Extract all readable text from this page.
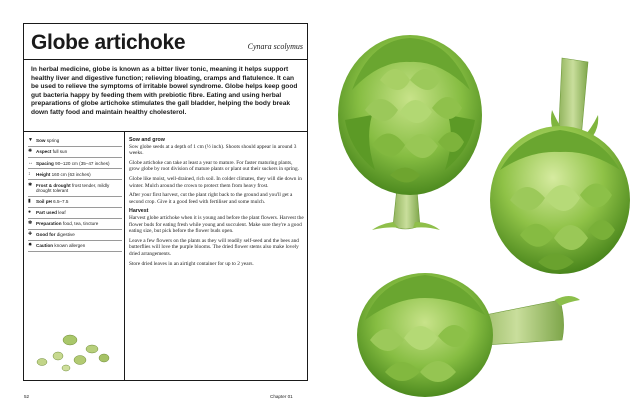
Globe artichoke	Cynara scolymus
In herbal medicine, globe is known as a bitter liver tonic, meaning it helps support healthy liver and digestive function; relieving bloating, cramps and flatulence. It can be used to relieve the symptoms of irritable bowel syndrome. Globe helps keep good gut bacteria happy by feeding them with prebiotic fibre. Eating and using herbal preparations of globe artichoke stimulates the gall bladder, helping the body break down fatty food and maintain healthy cholesterol.
▼ Sow spring
✺ Aspect full sun
↔ Spacing 90–120 cm (35–47 inches)
↕	Height 160 cm (63 inches)
✱ Frost & drought frost tender, mildly drought tolerant
▮	Soil pH 6.5–7.5
●	Part used leaf
✽ Preparation food, tea, tincture
✚ Good for digestive
✸ Caution known allergen
Sow and grow

Sow globe seeds at a depth of 1 cm (½ inch). Shoots should appear in around 3 weeks.

Globe artichoke can take at least a year to mature. For faster maturing plants, grow globe by root division of mature plants or plant out their suckers in spring.

Globe like moist, well-drained, rich soil. In colder climates, they will die down in winter. Mulch around the crown to protect them from heavy frost.

After your first harvest, cut the plant right back to the ground and you'll get a second crop. Give it a good feed with fertiliser and some mulch.

Harvest

Harvest globe artichoke when it is young and before the plant flowers. Harvest the flower buds for eating fresh while young and succulent. Make sure they're a good eating size, but pick before the flower buds open.

Leave a few flowers on the plants as they will readily self-seed and the bees and butterflies will love the purple blooms. The dried flower stems also make lovely dried arrangements.

Store dried leaves in an airtight container for up to 2 years.

52	Chapter 01
